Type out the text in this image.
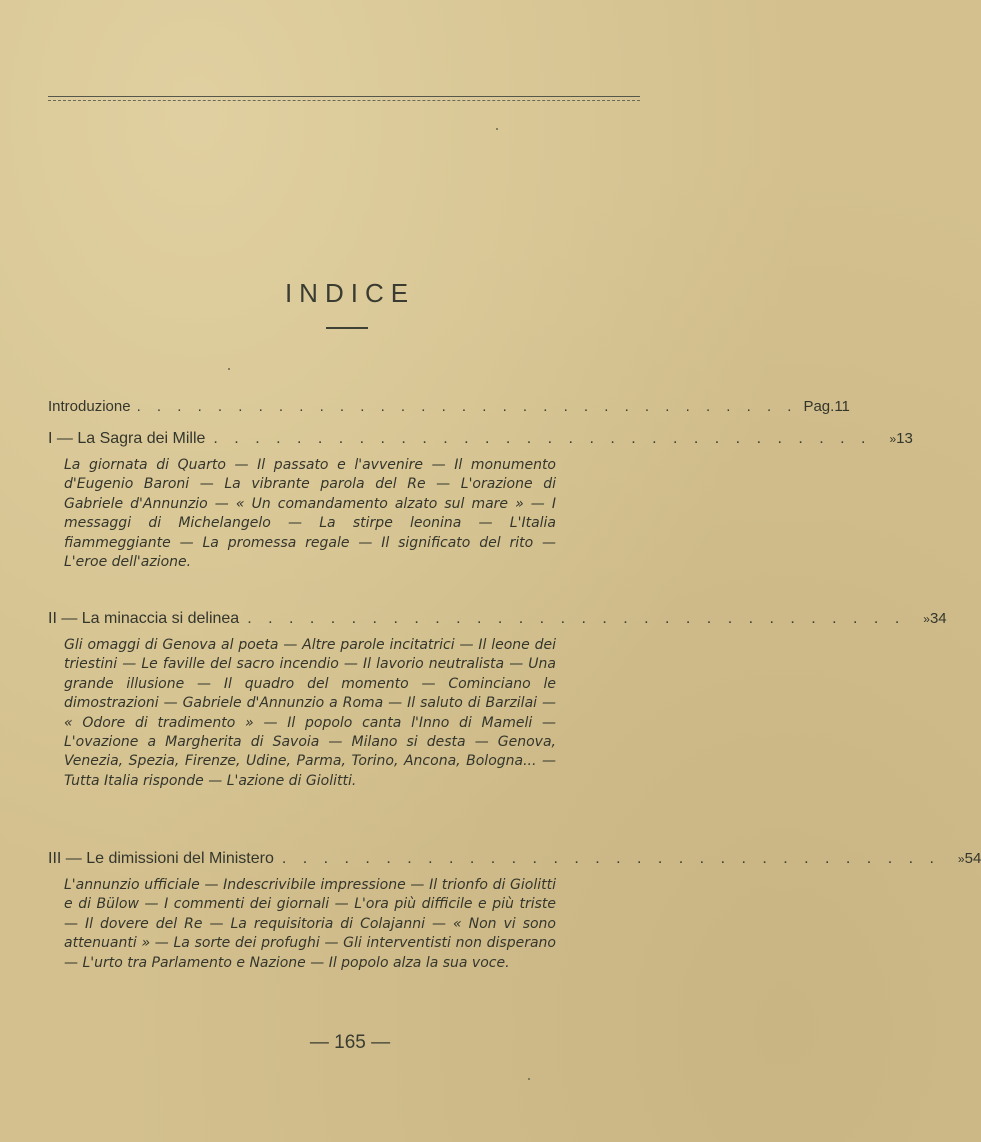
INDICE
Introduzione . . . . . . . . . . . . . . . . . . . . . . . . . . . . . . . . . Pag. 11
I — La Sagra dei Mille . . . . . . . . . . . . . . . . . . . . . . . . . . . . . . . . » 13
La giornata di Quarto — Il passato e l'avvenire — Il monumento d'Eugenio Baroni — La vibrante parola del Re — L'orazione di Gabriele d'Annunzio — « Un comandamento alzato sul mare » — I messaggi di Michelangelo — La stirpe leonina — L'Italia fiammeggiante — La promessa regale — Il significato del rito — L'eroe dell'azione.
II — La minaccia si delinea . . . . . . . . . . . . . . . . . . . . . . . . . . . . . . . . » 34
Gli omaggi di Genova al poeta — Altre parole incitatrici — Il leone dei triestini — Le faville del sacro incendio — Il lavorio neutralista — Una grande illusione — Il quadro del momento — Cominciano le dimostrazioni — Gabriele d'Annunzio a Roma — Il saluto di Barzilai — « Odore di tradimento » — Il popolo canta l'Inno di Mameli — L'ovazione a Margherita di Savoia — Milano si desta — Genova, Venezia, Spezia, Firenze, Udine, Parma, Torino, Ancona, Bologna... — Tutta Italia risponde — L'azione di Giolitti.
III — Le dimissioni del Ministero . . . . . . . . . . . . . . . . . . . . . . . . . . . . . . . . » 54
L'annunzio ufficiale — Indescrivibile impressione — Il trionfo di Giolitti e di Bülow — I commenti dei giornali — L'ora più difficile e più triste — Il dovere del Re — La requisitoria di Colajanni — « Non vi sono attenuanti » — La sorte dei profughi — Gli interventisti non disperano — L'urto tra Parlamento e Nazione — Il popolo alza la sua voce.
— 165 —
